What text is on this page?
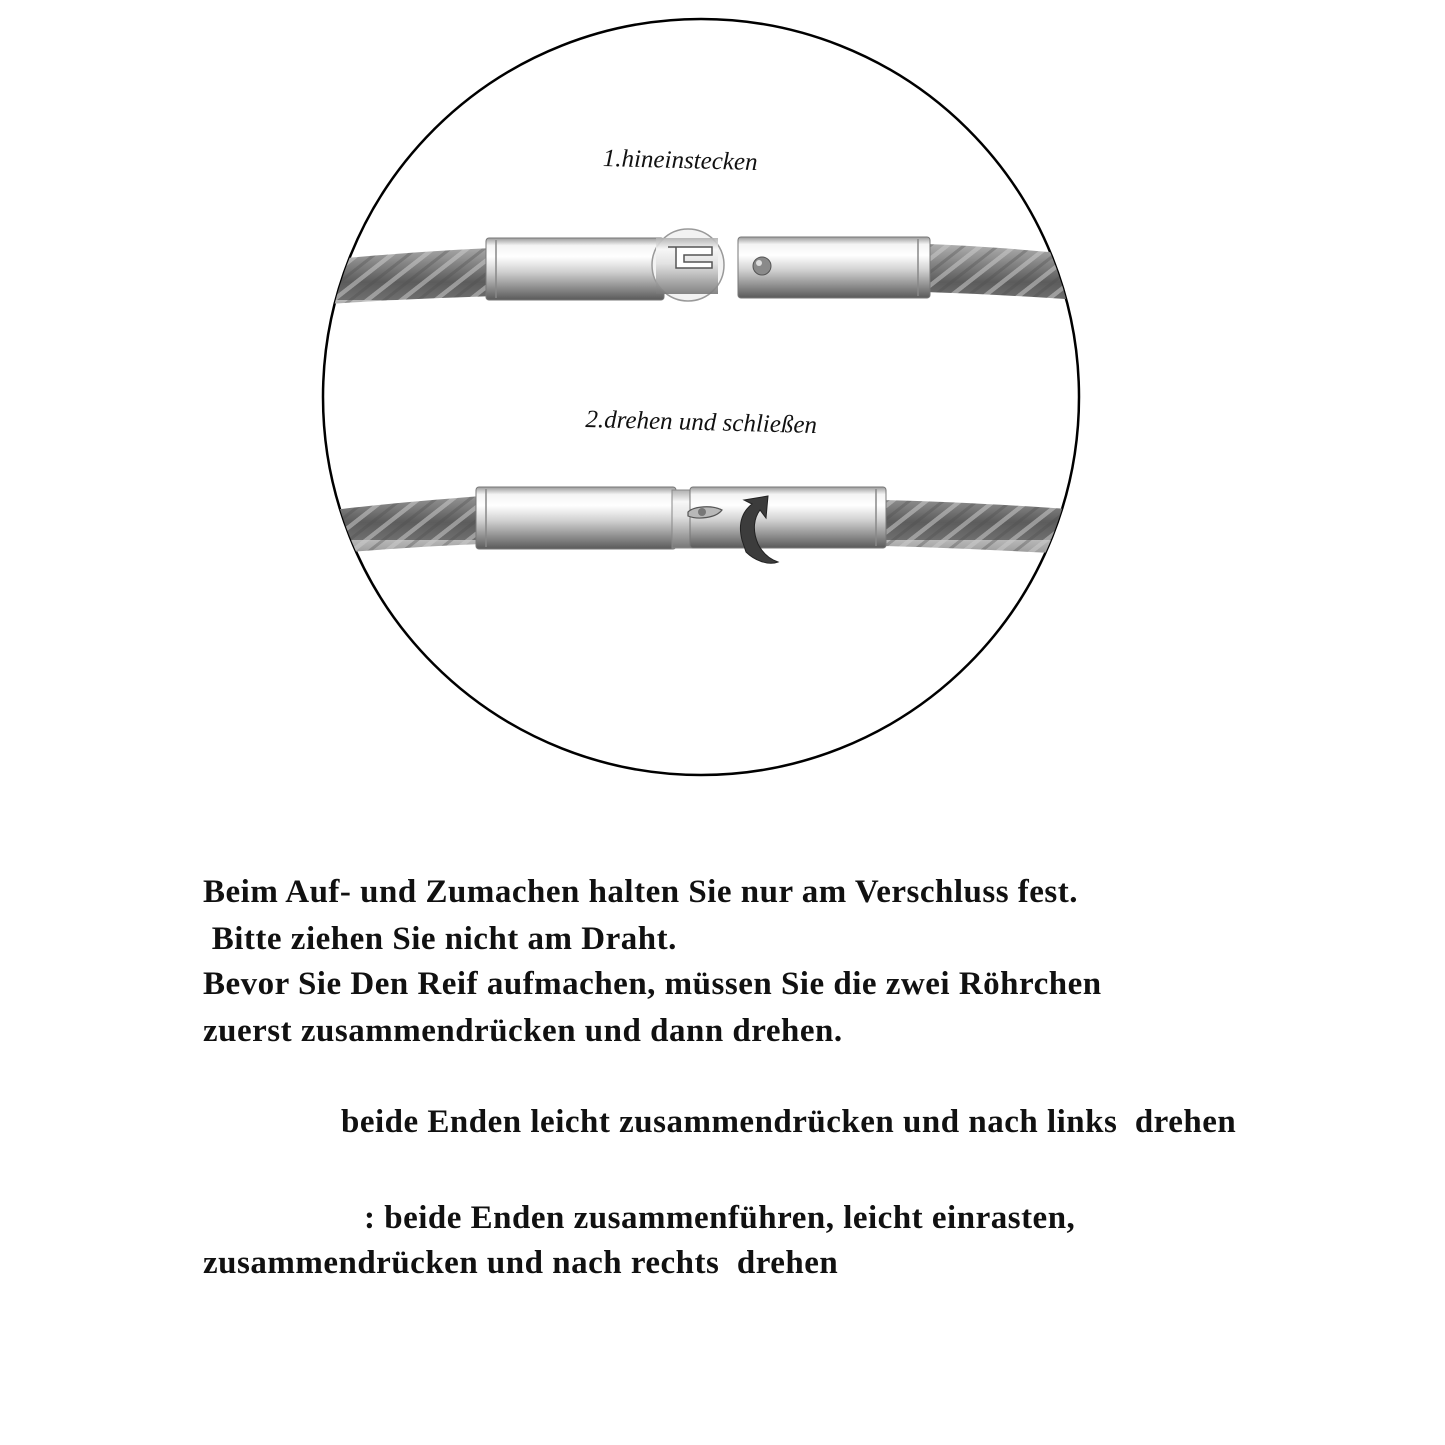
1.hineinstecken
2.drehen und schließen
Beim Auf- und Zumachen halten Sie nur am Verschluss fest.
Bitte ziehen Sie nicht am Draht.
Bevor Sie Den Reif aufmachen, müssen Sie die zwei Röhrchen
zuerst zusammendrücken und dann drehen.
beide Enden leicht zusammendrücken und nach links  drehen
: beide Enden zusammenführen, leicht einrasten,
zusammendrücken und nach rechts  drehen
